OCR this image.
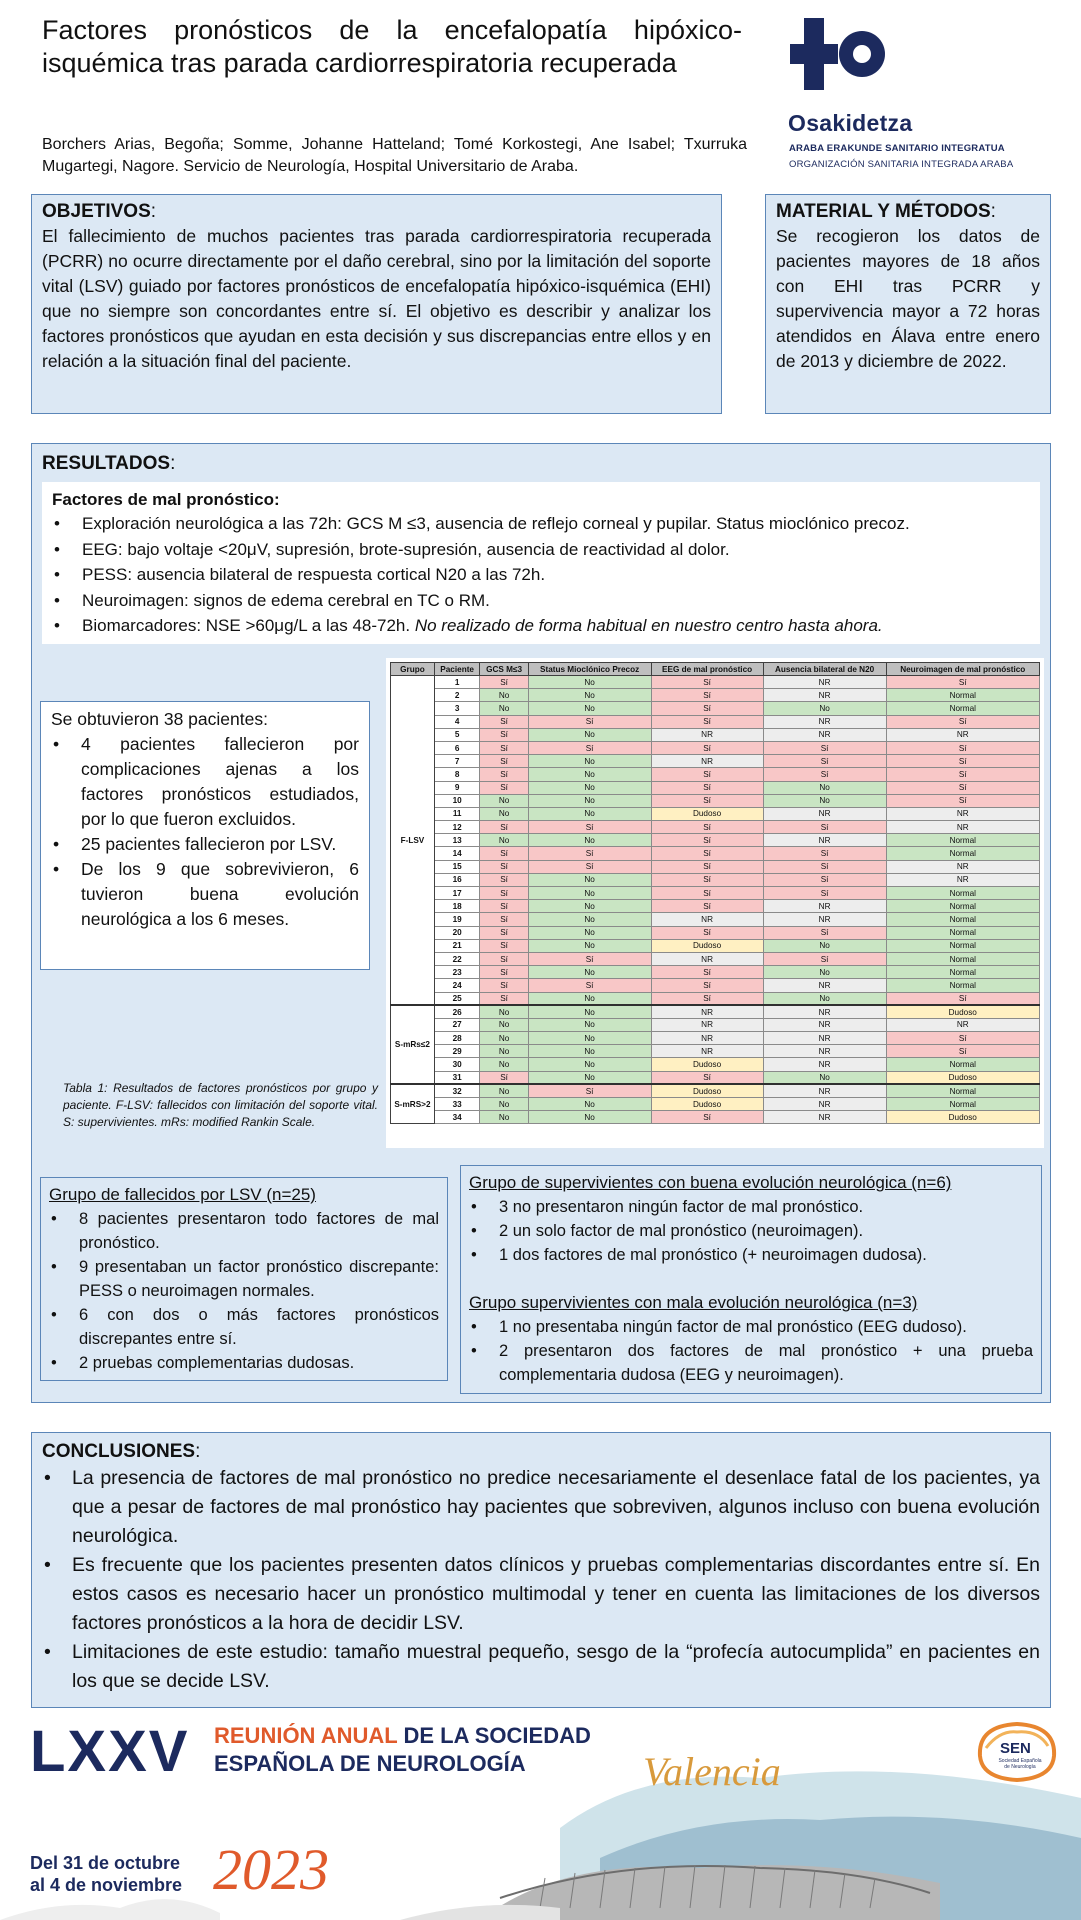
Factores pronósticos de la encefalopatía hipóxico-isquémica tras parada cardiorrespiratoria recuperada
Borchers Arias, Begoña; Somme, Johanne Hatteland; Tomé Korkostegi, Ane Isabel; Txurruka Mugartegi, Nagore. Servicio de Neurología, Hospital Universitario de Araba.
Osakidetza
ARABA ERAKUNDE SANITARIO INTEGRATUA
ORGANIZACIÓN SANITARIA INTEGRADA ARABA
OBJETIVOS:

El fallecimiento de muchos pacientes tras parada cardiorrespiratoria recuperada (PCRR) no ocurre directamente por el daño cerebral, sino por la limitación del soporte vital (LSV) guiado por factores pronósticos de encefalopatía hipóxico-isquémica (EHI) que no siempre son concordantes entre sí. El objetivo es describir y analizar los factores pronósticos que ayudan en esta decisión y sus discrepancias entre ellos y en relación a la situación final del paciente.

MATERIAL Y MÉTODOS:

Se recogieron los datos de pacientes mayores de 18 años con EHI tras PCRR y supervivencia mayor a 72 horas atendidos en Álava entre enero de 2013 y diciembre de 2022.

RESULTADOS:
Factores de mal pronóstico:
• Exploración neurológica a las 72h: GCS M ≤3, ausencia de reflejo corneal y pupilar. Status mioclónico precoz.
• EEG: bajo voltaje <20μV, supresión, brote-supresión, ausencia de reactividad al dolor.
• PESS: ausencia bilateral de respuesta cortical N20 a las 72h.
• Neuroimagen: signos de edema cerebral en TC o RM.
• Biomarcadores: NSE >60μg/L a las 48-72h. No realizado de forma habitual en nuestro centro hasta ahora.
Se obtuvieron 38 pacientes:
• 4 pacientes fallecieron por complicaciones ajenas a los factores pronósticos estudiados, por lo que fueron excluidos.
• 25 pacientes fallecieron por LSV.
• De los 9 que sobrevivieron, 6 tuvieron buena evolución neurológica a los 6 meses.
Tabla 1: Resultados de factores pronósticos por grupo y paciente. F-LSV: fallecidos con limitación del soporte vital. S: supervivientes. mRs: modified Rankin Scale.
Grupo	Paciente	GCS M≤3	Status Mioclónico Precoz	EEG de mal pronóstico	Ausencia bilateral de N20	Neuroimagen de mal pronóstico
F-LSV	1	Sí	No	Sí	NR	Sí
	2	No	No	Sí	NR	Normal
	3	No	No	Sí	No	Normal
	4	Sí	Sí	Sí	NR	Sí
	5	Sí	No	NR	NR	NR
	6	Sí	Sí	Sí	Sí	Sí
	7	Sí	No	NR	Sí	Sí
	8	Sí	No	Sí	Sí	Sí
	9	Sí	No	Sí	No	Sí
	10	No	No	Sí	No	Sí
	11	No	No	Dudoso	NR	NR
	12	Sí	Sí	Sí	Sí	NR
	13	No	No	Sí	NR	Normal
	14	Sí	Sí	Sí	Sí	Normal
	15	Sí	Sí	Sí	Sí	NR
	16	Sí	No	Sí	Sí	NR
	17	Sí	No	Sí	Sí	Normal
	18	Sí	No	Sí	NR	Normal
	19	Sí	No	NR	NR	Normal
	20	Sí	No	Sí	Sí	Normal
	21	Sí	No	Dudoso	No	Normal
	22	Sí	Sí	NR	Sí	Normal
	23	Sí	No	Sí	No	Normal
	24	Sí	Sí	Sí	NR	Normal
	25	Sí	No	Sí	No	Sí
S-mRs≤2	26	No	No	NR	NR	Dudoso
	27	No	No	NR	NR	NR
	28	No	No	NR	NR	Sí
	29	No	No	NR	NR	Sí
	30	No	No	Dudoso	NR	Normal
	31	Sí	No	Sí	No	Dudoso
S-mRS>2	32	No	Sí	Dudoso	NR	Normal
	33	No	No	Dudoso	NR	Normal
	34	No	No	Sí	NR	Dudoso
Grupo de fallecidos por LSV (n=25)
• 8 pacientes presentaron todo factores de mal pronóstico.
• 9 presentaban un factor pronóstico discrepante: PESS o neuroimagen normales.
• 6 con dos o más factores pronósticos discrepantes entre sí.
• 2 pruebas complementarias dudosas.
Grupo de supervivientes con buena evolución neurológica (n=6)
• 3 no presentaron ningún factor de mal pronóstico.
• 2 un solo factor de mal pronóstico (neuroimagen).
• 1 dos factores de mal pronóstico (+ neuroimagen dudosa).
Grupo supervivientes con mala evolución neurológica (n=3)
• 1 no presentaba ningún factor de mal pronóstico (EEG dudoso).
• 2 presentaron dos factores de mal pronóstico + una prueba complementaria dudosa (EEG y neuroimagen).
CONCLUSIONES:
• La presencia de factores de mal pronóstico no predice necesariamente el desenlace fatal de los pacientes, ya que a pesar de factores de mal pronóstico hay pacientes que sobreviven, algunos incluso con buena evolución neurológica.
• Es frecuente que los pacientes presenten datos clínicos y pruebas complementarias discordantes entre sí. En estos casos es necesario hacer un pronóstico multimodal y tener en cuenta las limitaciones de los diversos factores pronósticos a la hora de decidir LSV.
• Limitaciones de este estudio: tamaño muestral pequeño, sesgo de la “profecía autocumplida” en pacientes en los que se decide LSV.
LXXV REUNIÓN ANUAL DE LA SOCIEDAD
ESPAÑOLA DE NEUROLOGÍA	Valencia
Del 31 de octubre
al 4 de noviembre 2023
SEN
Sociedad Española de Neurología
